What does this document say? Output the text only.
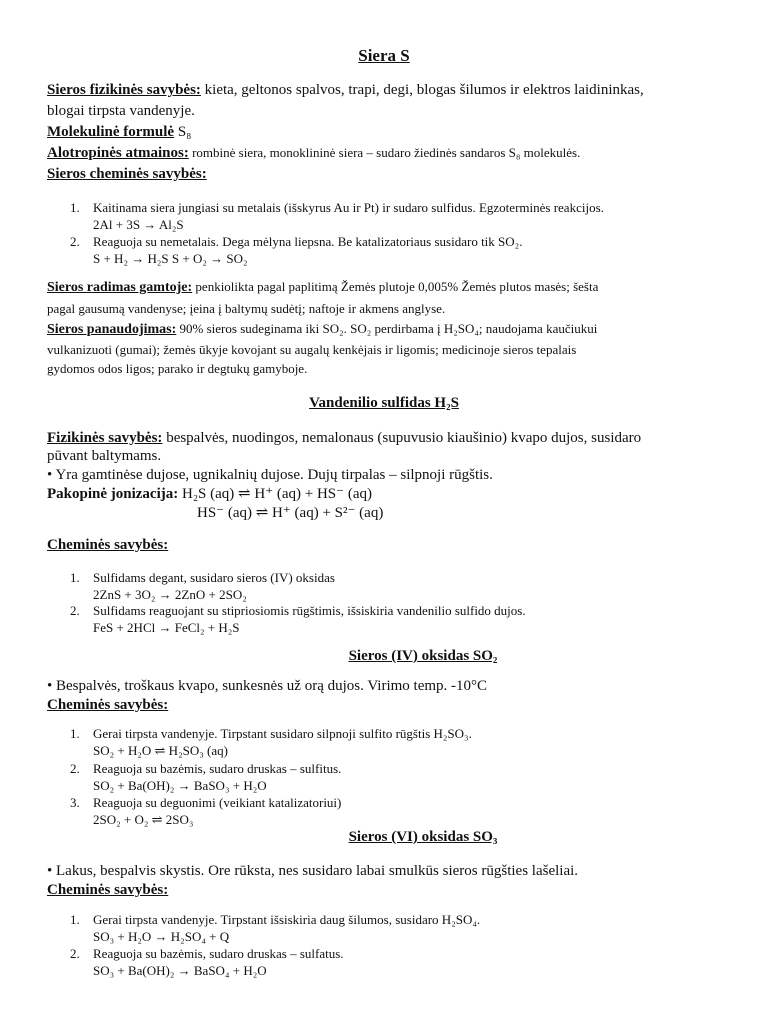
Siera S
Sieros fizikinės savybės: kieta, geltonos spalvos, trapi, degi, blogas šilumos ir elektros laidininkas,
blogai tirpsta vandenyje.
Molekulinė formulė S₈
Alotropinės atmainos: rombinė siera, monoklininė siera – sudaro žiedinės sandaros S₈ molekulės.
Sieros cheminės savybės:
1. Kaitinama siera jungiasi su metalais (išskyrus Au ir Pt) ir sudaro sulfidus. Egzoterminės reakcijos.
2Al + 3S → Al₂S
2. Reaguoja su nemetalais. Dega mėlyna liepsna. Be katalizatoriaus susidaro tik SO₂.
S + H₂ → H₂S S + O₂ → SO₂
Sieros radimas gamtoje: penkiolikta pagal paplitimą Žemės plutoje 0,005% Žemės plutos masės; šešta
pagal gausumą vandenyse; įeina į baltymų sudėtį; naftoje ir akmens anglyse.
Sieros panaudojimas: 90% sieros sudeginama iki SO₂. SO₂ perdirbama į H₂SO₄; naudojama kaučiukui
vulkanizuoti (gumai); žemės ūkyje kovojant su augalų kenkėjais ir ligomis; medicinoje sieros tepalais
gydomos odos ligos; parako ir degtukų gamyboje.
Vandenilio sulfidas H₂S
Fizikinės savybės: bespalvės, nuodingos, nemalonaus (supuvusio kiaušinio) kvapo dujos, susidaro
pūvant baltymams.
• Yra gamtinėse dujose, ugnikalnių dujose. Dujų tirpalas – silpnoji rūgštis.
Pakopinė jonizacija: H₂S (aq) ⇌ H⁺ (aq) + HS⁻ (aq)
HS⁻ (aq) ⇌ H⁺ (aq) + S²⁻ (aq)
Cheminės savybės:
1. Sulfidams degant, susidaro sieros (IV) oksidas
2ZnS + 3O₂ → 2ZnO + 2SO₂
2. Sulfidams reaguojant su stipriosiomis rūgštimis, išsiskiria vandenilio sulfido dujos.
FeS + 2HCl → FeCl₂ + H₂S
Sieros (IV) oksidas SO₂
• Bespalvės, troškaus kvapo, sunkesnės už orą dujos. Virimo temp. -10°C
Cheminės savybės:
1. Gerai tirpsta vandenyje. Tirpstant susidaro silpnoji sulfito rūgštis H₂SO₃.
SO₂ + H₂O ⇌ H₂SO₃ (aq)
2. Reaguoja su bazėmis, sudaro druskas – sulfitus.
SO₂ + Ba(OH)₂ → BaSO₃ + H₂O
3. Reaguoja su deguonimi (veikiant katalizatoriui)
2SO₂ + O₂ ⇌ 2SO₃
Sieros (VI) oksidas SO₃
• Lakus, bespalvis skystis. Ore rūksta, nes susidaro labai smulkūs sieros rūgšties lašeliai.
Cheminės savybės:
1. Gerai tirpsta vandenyje. Tirpstant išsiskiria daug šilumos, susidaro H₂SO₄.
SO₃ + H₂O → H₂SO₄ + Q
2. Reaguoja su bazėmis, sudaro druskas – sulfatus.
SO₃ + Ba(OH)₂ → BaSO₄ + H₂O
